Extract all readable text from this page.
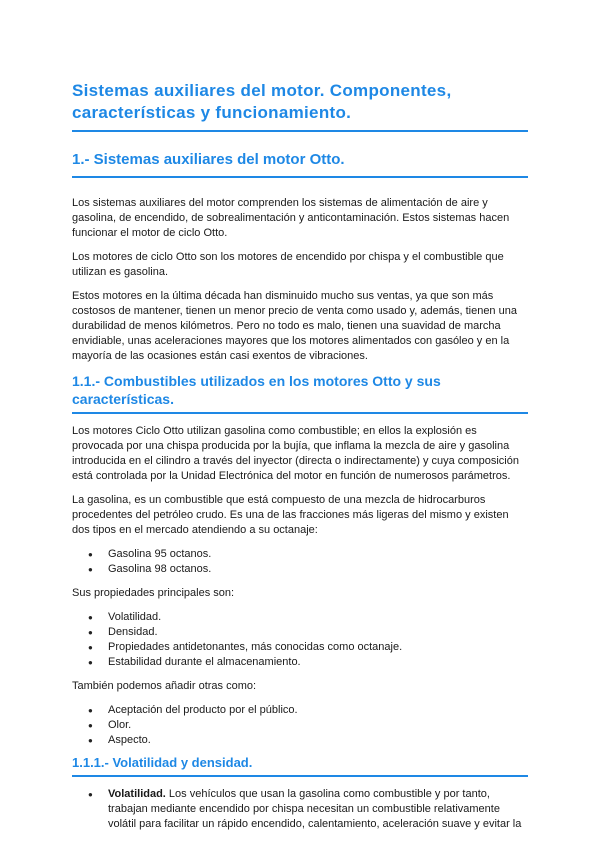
Sistemas auxiliares del motor. Componentes, características y funcionamiento.
1.- Sistemas auxiliares del motor Otto.

Los sistemas auxiliares del motor comprenden los sistemas de alimentación de aire y gasolina, de encendido, de sobrealimentación y anticontaminación. Estos sistemas hacen funcionar el motor de ciclo Otto.

Los motores de ciclo Otto son los motores de encendido por chispa y el combustible que utilizan es gasolina.

Estos motores en la última década han disminuido mucho sus ventas, ya que son más costosos de mantener, tienen un menor precio de venta como usado y, además, tienen una durabilidad de menos kilómetros. Pero no todo es malo, tienen una suavidad de marcha envidiable, unas aceleraciones mayores que los motores alimentados con gasóleo y en la mayoría de las ocasiones están casi exentos de vibraciones.

1.1.- Combustibles utilizados en los motores Otto y sus características.

Los motores Ciclo Otto utilizan gasolina como combustible; en ellos la explosión es provocada por una chispa producida por la bujía, que inflama la mezcla de aire y gasolina introducida en el cilindro a través del inyector (directa o indirectamente) y cuya composición está controlada por la Unidad Electrónica del motor en función de numerosos parámetros.

La gasolina, es un combustible que está compuesto de una mezcla de hidrocarburos procedentes del petróleo crudo. Es una de las fracciones más ligeras del mismo y existen dos tipos en el mercado atendiendo a su octanaje:

● Gasolina 95 octanos.
● Gasolina 98 octanos.

Sus propiedades principales son:

● Volatilidad.
● Densidad.
● Propiedades antidetonantes, más conocidas como octanaje.
● Estabilidad durante el almacenamiento.

También podemos añadir otras como:

● Aceptación del producto por el público.
● Olor.
● Aspecto.
1.1.1.- Volatilidad y densidad.
● Volatilidad. Los vehículos que usan la gasolina como combustible y por tanto, trabajan mediante encendido por chispa necesitan un combustible relativamente volátil para facilitar un rápido encendido, calentamiento, aceleración suave y evitar la
